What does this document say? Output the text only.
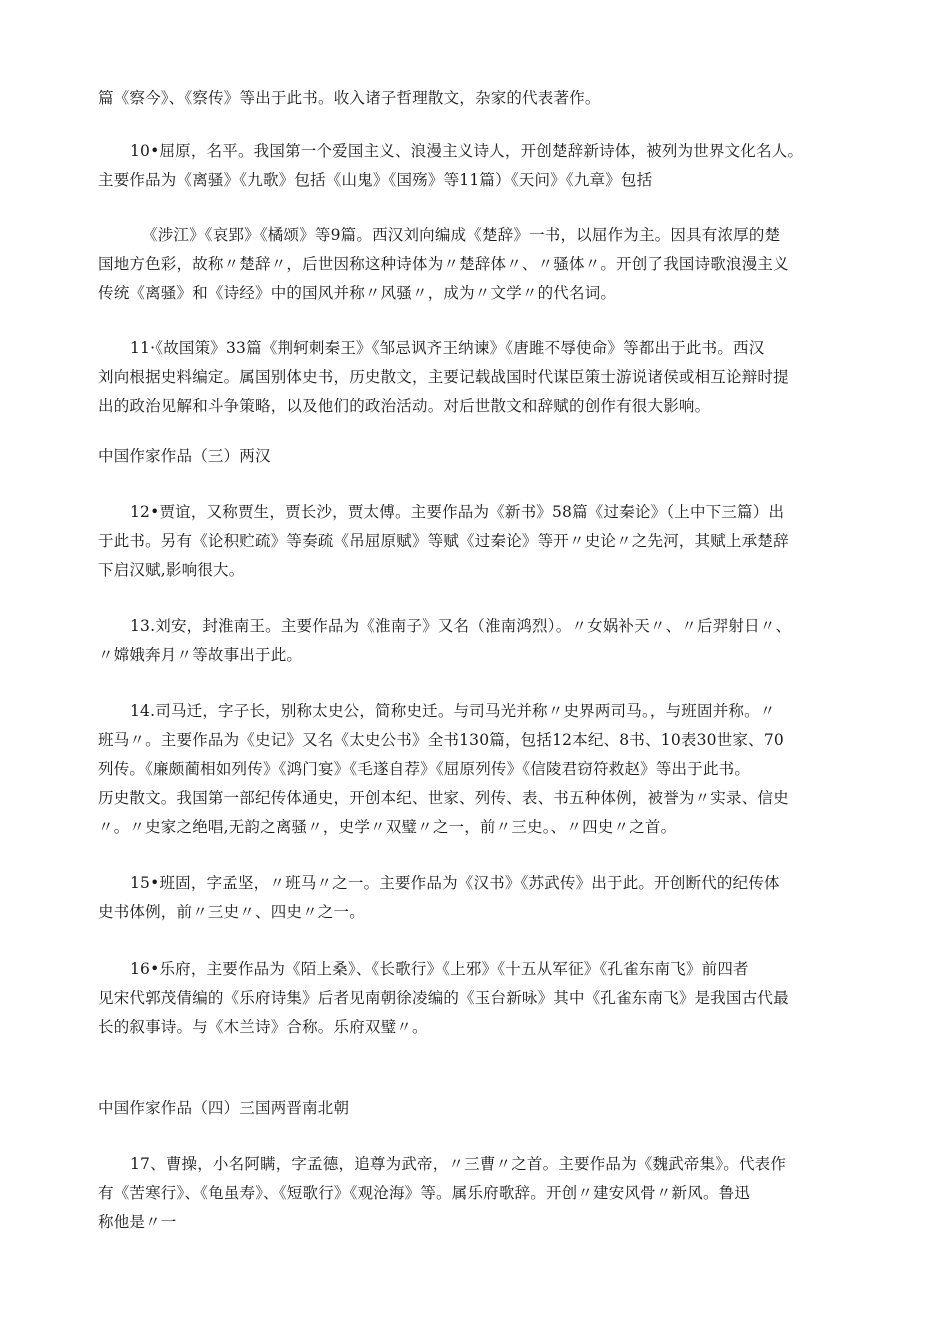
篇《察今》、《察传》等出于此书。收入诸子哲理散文，杂家的代表著作。
10•屈原，名平。我国第一个爱国主义、浪漫主义诗人，开创楚辞新诗体，被列为世界文化名人。
主要作品为《离骚》《九歌》包括《山鬼》《国殇》等11篇）《天问》《九章》包括
《涉江》《哀郢》《橘颂》等9篇。西汉刘向编成《楚辞》一书，以屈作为主。因具有浓厚的楚
国地方色彩，故称〃楚辞〃，后世因称这种诗体为〃楚辞体〃、〃骚体〃。开创了我国诗歌浪漫主义
传统《离骚》和《诗经》中的国风并称〃风骚〃，成为〃文学〃的代名词。
11·《故国策》33篇《荆轲刺秦王》《邹忌讽齐王纳谏》《唐雎不辱使命》等都出于此书。西汉
刘向根据史料编定。属国别体史书，历史散文，主要记载战国时代谋臣策士游说诸侯或相互论辩时提
出的政治见解和斗争策略，以及他们的政治活动。对后世散文和辞赋的创作有很大影响。
中国作家作品（三）两汉
12•贾谊，又称贾生，贾长沙，贾太傅。主要作品为《新书》58篇《过秦论》（上中下三篇）出
于此书。另有《论积贮疏》等奏疏《吊屈原赋》等赋《过秦论》等开〃史论〃之先河，其赋上承楚辞
下启汉赋,影响很大。
13.刘安，封淮南王。主要作品为《淮南子》又名（淮南鸿烈）。〃女娲补天〃、〃后羿射日〃、
〃嫦娥奔月〃等故事出于此。
14.司马迁，字子长，别称太史公，简称史迁。与司马光并称〃史界两司马。，与班固并称。〃
班马〃。主要作品为《史记》又名《太史公书》全书130篇，包括12本纪、8书、10表30世家、70
列传。《廉颇蔺相如列传》《鸿门宴》《毛遂自荐》《屈原列传》《信陵君窃符救赵》等出于此书。
历史散文。我国第一部纪传体通史，开创本纪、世家、列传、表、书五种体例，被誉为〃实录、信史
〃。〃史家之绝唱,无韵之离骚〃，史学〃双璧〃之一，前〃三史。、〃四史〃之首。
15•班固，字孟坚，〃班马〃之一。主要作品为《汉书》《苏武传》出于此。开创断代的纪传体
史书体例，前〃三史〃、四史〃之一。
16•乐府，主要作品为《陌上桑》、《长歌行》《上邪》《十五从军征》《孔雀东南飞》前四者
见宋代郭茂倩编的《乐府诗集》后者见南朝徐凌编的《玉台新咏》其中《孔雀东南飞》是我国古代最
长的叙事诗。与《木兰诗》合称。乐府双璧〃。
中国作家作品（四）三国两晋南北朝
17、曹操，小名阿瞒，字孟德，追尊为武帝，〃三曹〃之首。主要作品为《魏武帝集》。代表作
有《苦寒行》、《龟虽寿》、《短歌行》《观沧海》等。属乐府歌辞。开创〃建安风骨〃新风。鲁迅
称他是〃一
